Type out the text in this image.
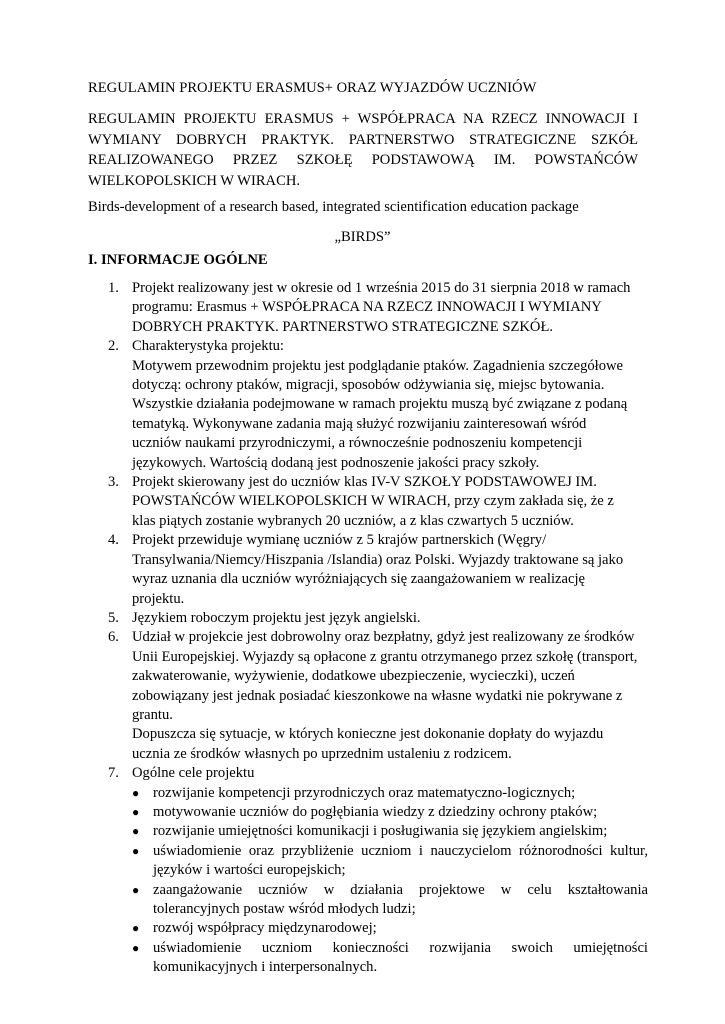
REGULAMIN PROJEKTU ERASMUS+ ORAZ WYJAZDÓW UCZNIÓW
REGULAMIN PROJEKTU ERASMUS + WSPÓŁPRACA NA RZECZ INNOWACJI I
WYMIANY DOBRYCH PRAKTYK. PARTNERSTWO STRATEGICZNE SZKÓŁ
REALIZOWANEGO PRZEZ SZKOŁĘ PODSTAWOWĄ IM. POWSTAŃCÓW
WIELKOPOLSKICH W WIRACH.
Birds-development of a research based, integrated scientification education package
„BIRDS”
I. INFORMACJE OGÓLNE
1. Projekt realizowany jest w okresie od 1 września 2015 do 31 sierpnia 2018 w ramach
programu: Erasmus + WSPÓŁPRACA NA RZECZ INNOWACJI I WYMIANY
DOBRYCH PRAKTYK. PARTNERSTWO STRATEGICZNE SZKÓŁ.
2. Charakterystyka projektu:
Motywem przewodnim projektu jest podglądanie ptaków. Zagadnienia szczegółowe
dotyczą: ochrony ptaków, migracji, sposobów odżywiania się, miejsc bytowania.
Wszystkie działania podejmowane w ramach projektu muszą być związane z podaną
tematyką. Wykonywane zadania mają służyć rozwijaniu zainteresowań wśród
uczniów naukami przyrodniczymi, a równocześnie podnoszeniu kompetencji
językowych. Wartością dodaną jest podnoszenie jakości pracy szkoły.
3. Projekt skierowany jest do uczniów klas IV-V SZKOŁY PODSTAWOWEJ IM.
POWSTAŃCÓW WIELKOPOLSKICH W WIRACH, przy czym zakłada się, że z
klas piątych zostanie wybranych 20 uczniów, a z klas czwartych 5 uczniów.
4. Projekt przewiduje wymianę uczniów z 5 krajów partnerskich (Węgry/
Transylwania/Niemcy/Hiszpania /Islandia) oraz Polski. Wyjazdy traktowane są jako
wyraz uznania dla uczniów wyróżniających się zaangażowaniem w realizację
projektu.
5. Językiem roboczym projektu jest język angielski.
6. Udział w projekcie jest dobrowolny oraz bezpłatny, gdyż jest realizowany ze środków
Unii Europejskiej. Wyjazdy są opłacone z grantu otrzymanego przez szkołę (transport,
zakwaterowanie, wyżywienie, dodatkowe ubezpieczenie, wycieczki), uczeń
zobowiązany jest jednak posiadać kieszonkowe na własne wydatki nie pokrywane z
grantu.
Dopuszcza się sytuacje, w których konieczne jest dokonanie dopłaty do wyjazdu
ucznia ze środków własnych po uprzednim ustaleniu z rodzicem.
7. Ogólne cele projektu
● rozwijanie kompetencji przyrodniczych oraz matematyczno-logicznych;
● motywowanie uczniów do pogłębiania wiedzy z dziedziny ochrony ptaków;
● rozwijanie umiejętności komunikacji i posługiwania się językiem angielskim;
● uświadomienie oraz przybliżenie uczniom i nauczycielom różnorodności kultur,
języków i wartości europejskich;
● zaangażowanie uczniów w działania projektowe w celu kształtowania
tolerancyjnych postaw wśród młodych ludzi;
● rozwój współpracy międzynarodowej;
● uświadomienie uczniom konieczności rozwijania swoich umiejętności
komunikacyjnych i interpersonalnych.
